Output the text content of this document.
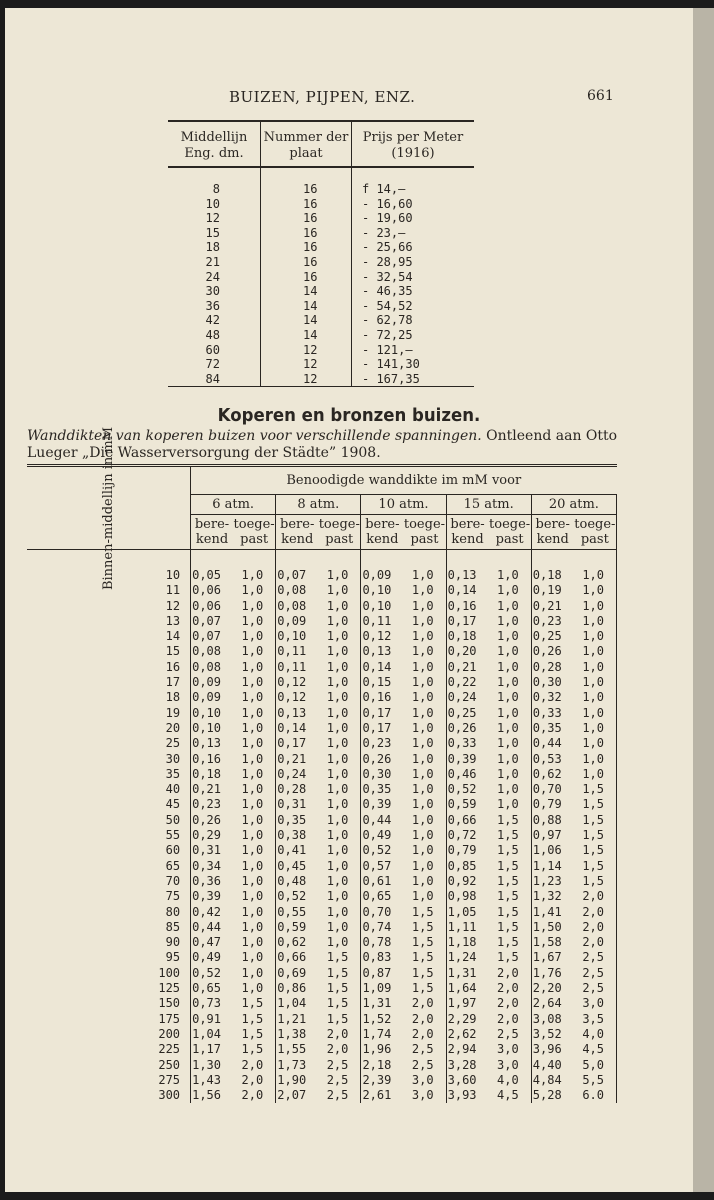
BUIZEN, PIJPEN, ENZ.	661
Middellijn Eng. dm.	Nummer der plaat	Prijs per Meter (1916)
8	16	f 14,—
10	16	- 16,60
12	16	- 19,60
15	16	- 23,—
18	16	- 25,66
21	16	- 28,95
24	16	- 32,54
30	14	- 46,35
36	14	- 54,52
42	14	- 62,78
48	14	- 72,25
60	12	- 121,—
72	12	- 141,30
84	12	- 167,35
Koperen en bronzen buizen.
Wanddikten van koperen buizen voor verschillende spanningen. Ontleend aan Otto Lueger „Die Wasserversorgung der Städte” 1908.
Binnen-middellijn in mM	Benoodigde wanddikte im mM voor									
	6 atm.		8 atm.		10 atm.		15 atm.		20 atm.	
	bere-kend	toege-past	bere-kend	toege-past	bere-kend	toege-past	bere-kend	toege-past	bere-kend	toege-past
10	0,05	1,0	0,07	1,0	0,09	1,0	0,13	1,0	0,18	1,0
11	0,06	1,0	0,08	1,0	0,10	1,0	0,14	1,0	0,19	1,0
12	0,06	1,0	0,08	1,0	0,10	1,0	0,16	1,0	0,21	1,0
13	0,07	1,0	0,09	1,0	0,11	1,0	0,17	1,0	0,23	1,0
14	0,07	1,0	0,10	1,0	0,12	1,0	0,18	1,0	0,25	1,0
15	0,08	1,0	0,11	1,0	0,13	1,0	0,20	1,0	0,26	1,0
16	0,08	1,0	0,11	1,0	0,14	1,0	0,21	1,0	0,28	1,0
17	0,09	1,0	0,12	1,0	0,15	1,0	0,22	1,0	0,30	1,0
18	0,09	1,0	0,12	1,0	0,16	1,0	0,24	1,0	0,32	1,0
19	0,10	1,0	0,13	1,0	0,17	1,0	0,25	1,0	0,33	1,0
20	0,10	1,0	0,14	1,0	0,17	1,0	0,26	1,0	0,35	1,0
25	0,13	1,0	0,17	1,0	0,23	1,0	0,33	1,0	0,44	1,0
30	0,16	1,0	0,21	1,0	0,26	1,0	0,39	1,0	0,53	1,0
35	0,18	1,0	0,24	1,0	0,30	1,0	0,46	1,0	0,62	1,0
40	0,21	1,0	0,28	1,0	0,35	1,0	0,52	1,0	0,70	1,5
45	0,23	1,0	0,31	1,0	0,39	1,0	0,59	1,0	0,79	1,5
50	0,26	1,0	0,35	1,0	0,44	1,0	0,66	1,5	0,88	1,5
55	0,29	1,0	0,38	1,0	0,49	1,0	0,72	1,5	0,97	1,5
60	0,31	1,0	0,41	1,0	0,52	1,0	0,79	1,5	1,06	1,5
65	0,34	1,0	0,45	1,0	0,57	1,0	0,85	1,5	1,14	1,5
70	0,36	1,0	0,48	1,0	0,61	1,0	0,92	1,5	1,23	1,5
75	0,39	1,0	0,52	1,0	0,65	1,0	0,98	1,5	1,32	2,0
80	0,42	1,0	0,55	1,0	0,70	1,5	1,05	1,5	1,41	2,0
85	0,44	1,0	0,59	1,0	0,74	1,5	1,11	1,5	1,50	2,0
90	0,47	1,0	0,62	1,0	0,78	1,5	1,18	1,5	1,58	2,0
95	0,49	1,0	0,66	1,5	0,83	1,5	1,24	1,5	1,67	2,5
100	0,52	1,0	0,69	1,5	0,87	1,5	1,31	2,0	1,76	2,5
125	0,65	1,0	0,86	1,5	1,09	1,5	1,64	2,0	2,20	2,5
150	0,73	1,5	1,04	1,5	1,31	2,0	1,97	2,0	2,64	3,0
175	0,91	1,5	1,21	1,5	1,52	2,0	2,29	2,0	3,08	3,5
200	1,04	1,5	1,38	2,0	1,74	2,0	2,62	2,5	3,52	4,0
225	1,17	1,5	1,55	2,0	1,96	2,5	2,94	3,0	3,96	4,5
250	1,30	2,0	1,73	2,5	2,18	2,5	3,28	3,0	4,40	5,0
275	1,43	2,0	1,90	2,5	2,39	3,0	3,60	4,0	4,84	5,5
300	1,56	2,0	2,07	2,5	2,61	3,0	3,93	4,5	5,28	6.0
